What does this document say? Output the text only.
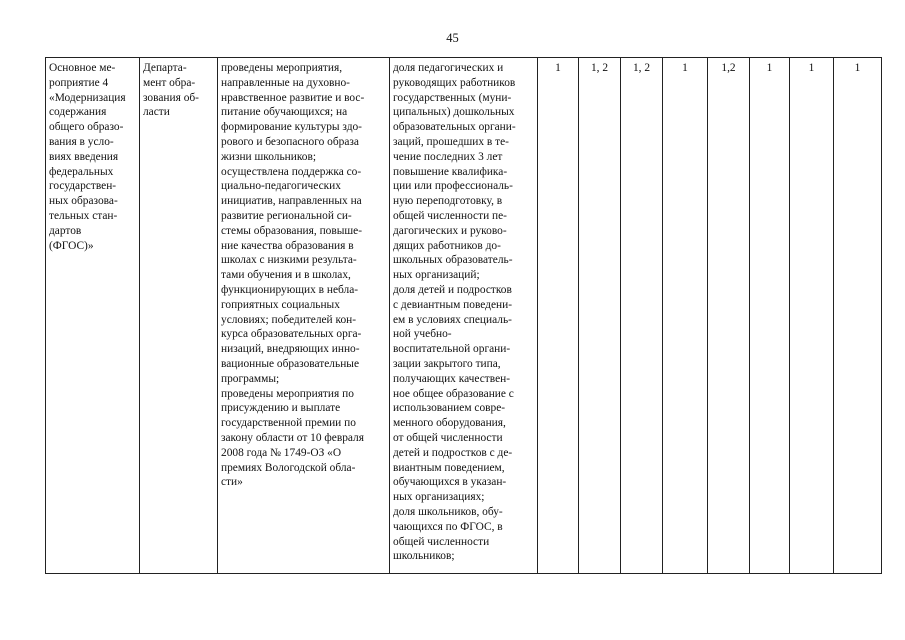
45
Основное ме-
роприятие 4
«Модернизация
содержания
общего образо-
вания в усло-
виях введения
федеральных
государствен-
ных образова-
тельных стан-
дартов
(ФГОС)»	Департа-
мент обра-
зования об-
ласти	проведены мероприятия,
направленные на духовно-
нравственное развитие и вос-
питание обучающихся; на
формирование культуры здо-
рового и безопасного образа
жизни школьников;
осуществлена поддержка со-
циально-педагогических
инициатив, направленных на
развитие региональной си-
стемы образования, повыше-
ние качества образования в
школах с низкими результа-
тами обучения и в школах,
функционирующих в неблa-
гоприятных социальных
условиях; победителей кон-
курса образовательных орга-
низаций, внедряющих инно-
вационные образовательные
программы;
проведены мероприятия по
присуждению и выплате
государственной премии по
закону области от 10 февраля
2008 года № 1749-ОЗ «О
премиях Вологодской обла-
сти»	доля педагогических и
руководящих работников
государственных (муни-
ципальных) дошкольных
образовательных органи-
заций, прошедших в те-
чение последних 3 лет
повышение квалифика-
ции или профессиональ-
ную переподготовку, в
общей численности пе-
дагогических и руково-
дящих работников до-
школьных образователь-
ных организаций;
доля детей и подростков
с девиантным поведени-
ем в условиях специаль-
ной учебно-
воспитательной органи-
зации закрытого типа,
получающих качествен-
ное общее образование с
использованием совре-
менного оборудования,
от общей численности
детей и подростков с де-
виантным поведением,
обучающихся в указан-
ных организациях;
доля школьников, обу-
чающихся по ФГОС, в
общей численности
школьников;	1	1, 2	1, 2	1	1,2	1	1	1
